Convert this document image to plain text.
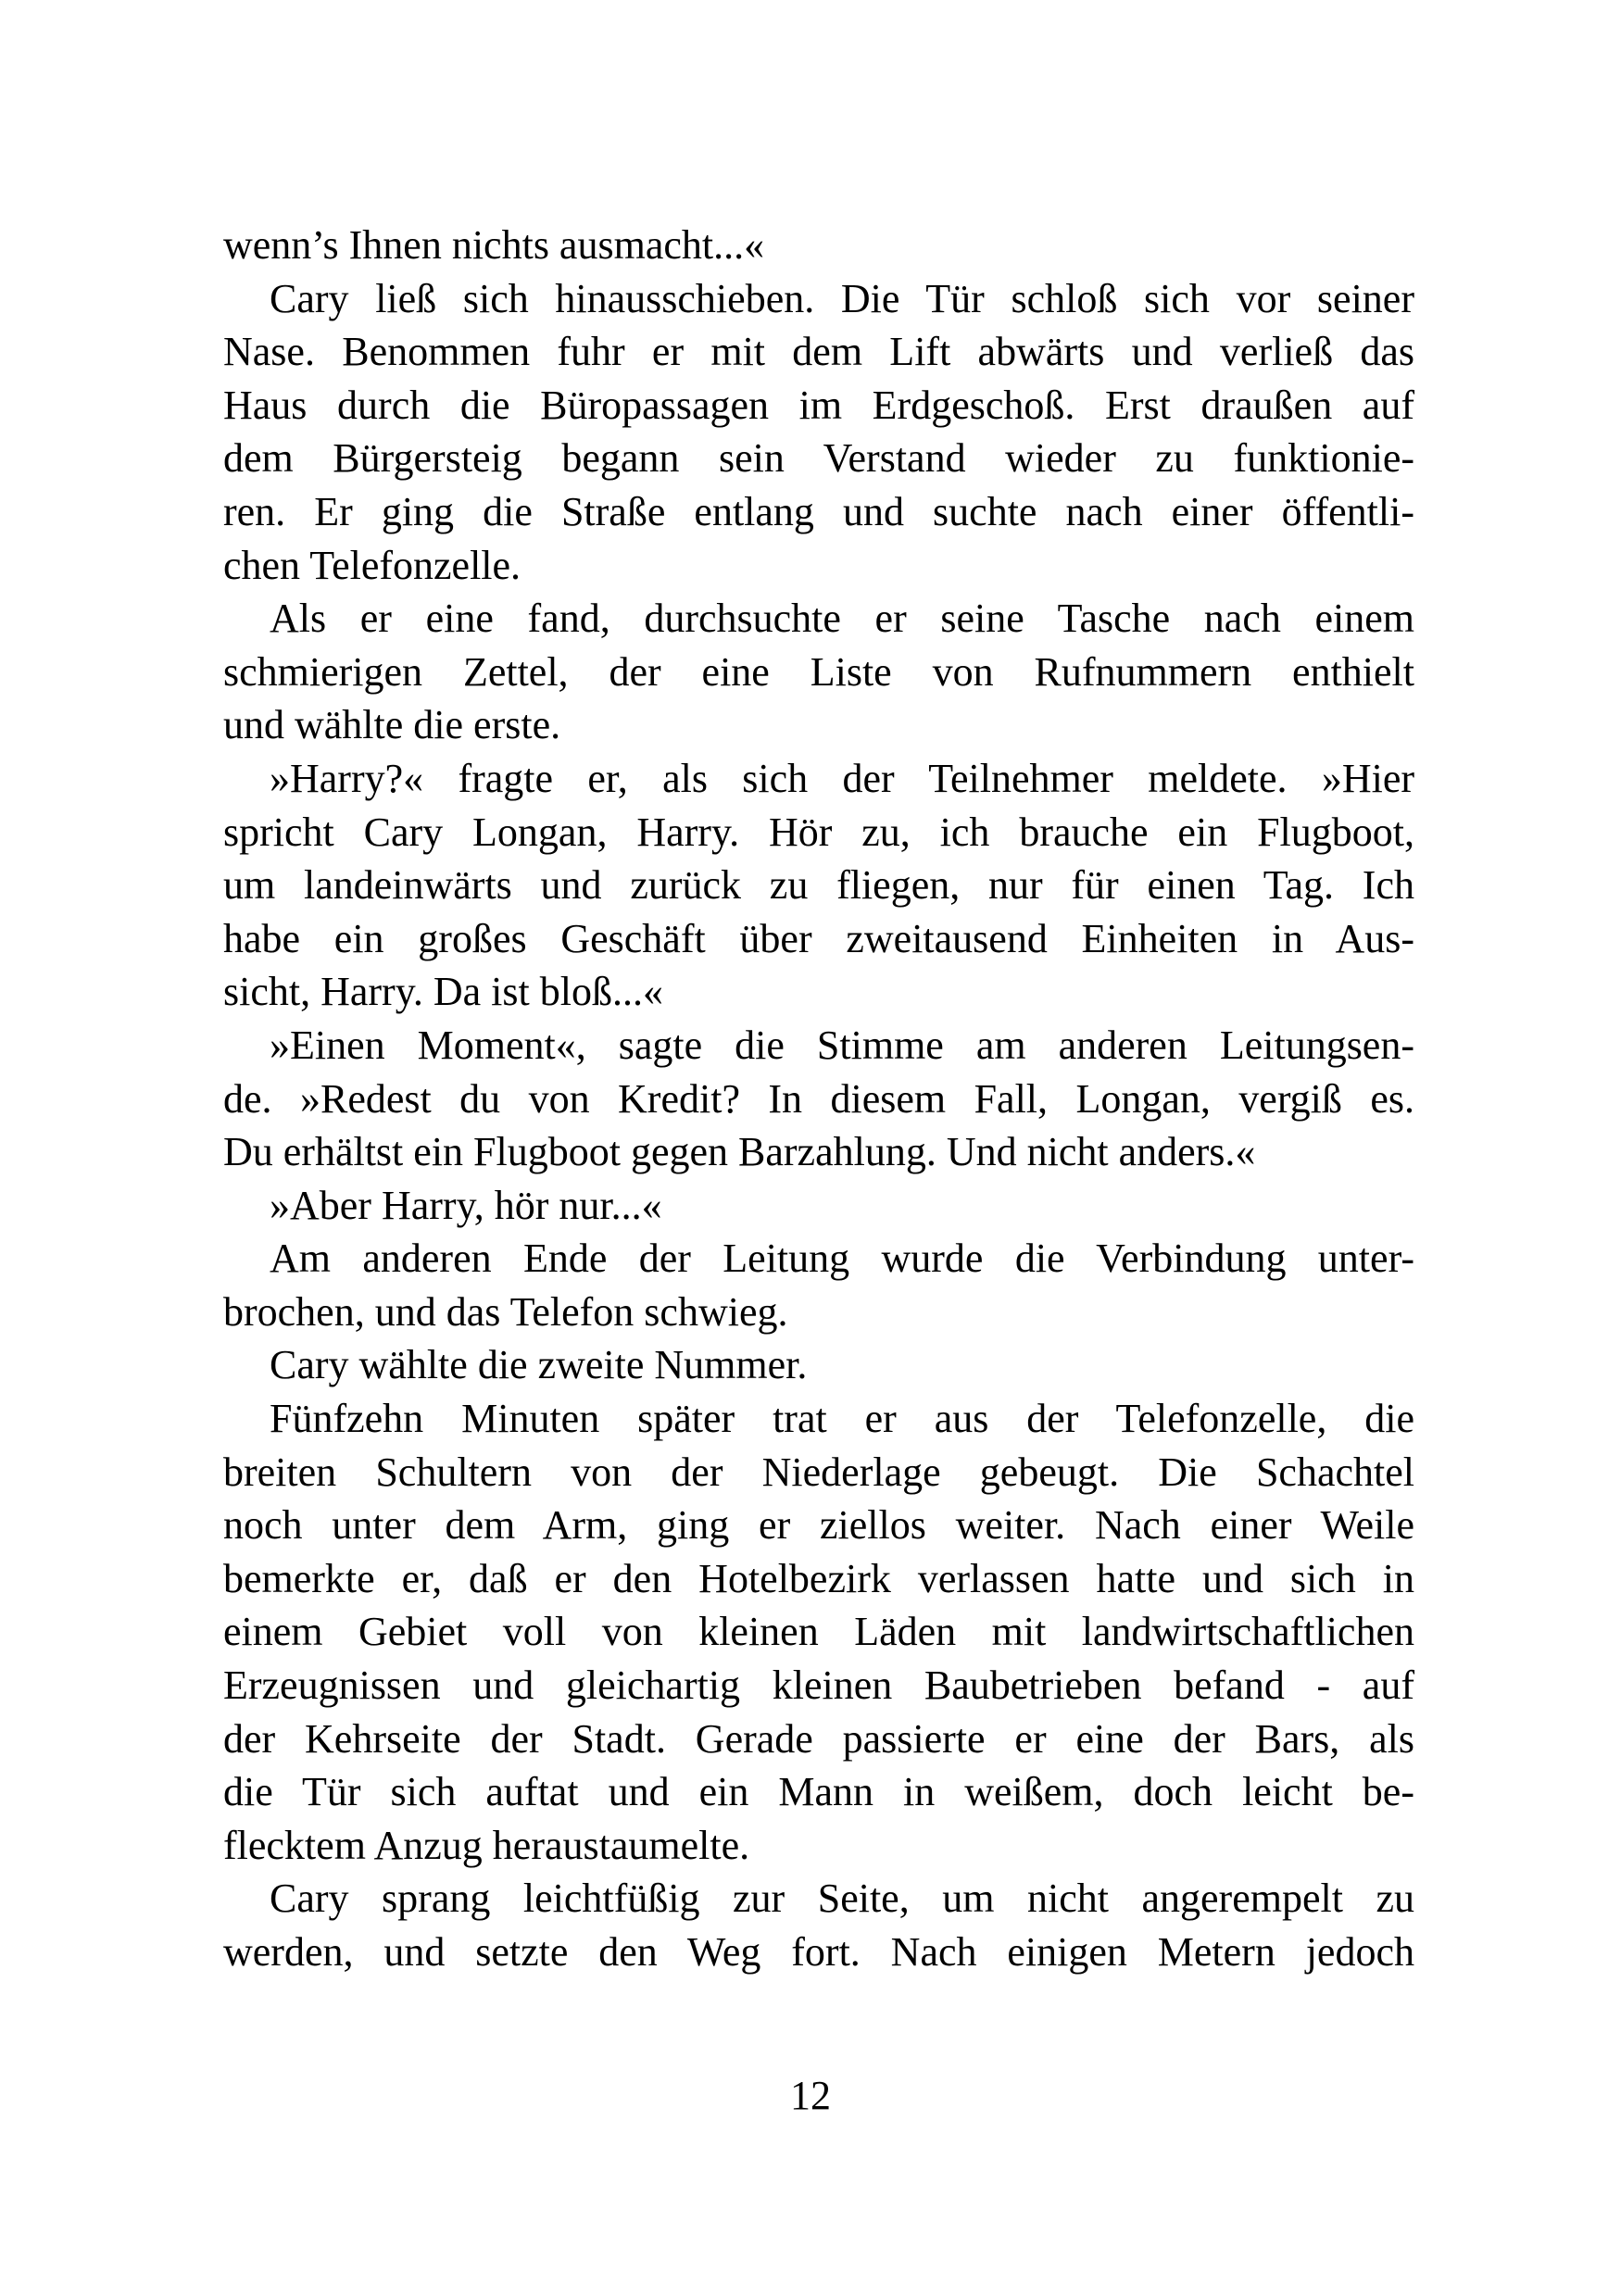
wenn’s Ihnen nichts ausmacht...«

Cary ließ sich hinausschieben. Die Tür schloß sich vor seiner
Nase. Benommen fuhr er mit dem Lift abwärts und verließ das
Haus durch die Büropassagen im Erdgeschoß. Erst draußen auf
dem Bürgersteig begann sein Verstand wieder zu funktionie-
ren. Er ging die Straße entlang und suchte nach einer öffentli-
chen Telefonzelle.

Als er eine fand, durchsuchte er seine Tasche nach einem
schmierigen Zettel, der eine Liste von Rufnummern enthielt
und wählte die erste.

»Harry?« fragte er, als sich der Teilnehmer meldete. »Hier
spricht Cary Longan, Harry. Hör zu, ich brauche ein Flugboot,
um landeinwärts und zurück zu fliegen, nur für einen Tag. Ich
habe ein großes Geschäft über zweitausend Einheiten in Aus-
sicht, Harry. Da ist bloß...«

»Einen Moment«, sagte die Stimme am anderen Leitungsen-
de. »Redest du von Kredit? In diesem Fall, Longan, vergiß es.
Du erhältst ein Flugboot gegen Barzahlung. Und nicht anders.«

»Aber Harry, hör nur...«

Am anderen Ende der Leitung wurde die Verbindung unter-
brochen, und das Telefon schwieg.

Cary wählte die zweite Nummer.

Fünfzehn Minuten später trat er aus der Telefonzelle, die
breiten Schultern von der Niederlage gebeugt. Die Schachtel
noch unter dem Arm, ging er ziellos weiter. Nach einer Weile
bemerkte er, daß er den Hotelbezirk verlassen hatte und sich in
einem Gebiet voll von kleinen Läden mit landwirtschaftlichen
Erzeugnissen und gleichartig kleinen Baubetrieben befand - auf
der Kehrseite der Stadt. Gerade passierte er eine der Bars, als
die Tür sich auftat und ein Mann in weißem, doch leicht be-
flecktem Anzug heraustaumelte.

Cary sprang leichtfüßig zur Seite, um nicht angerempelt zu
werden, und setzte den Weg fort. Nach einigen Metern jedoch

12
